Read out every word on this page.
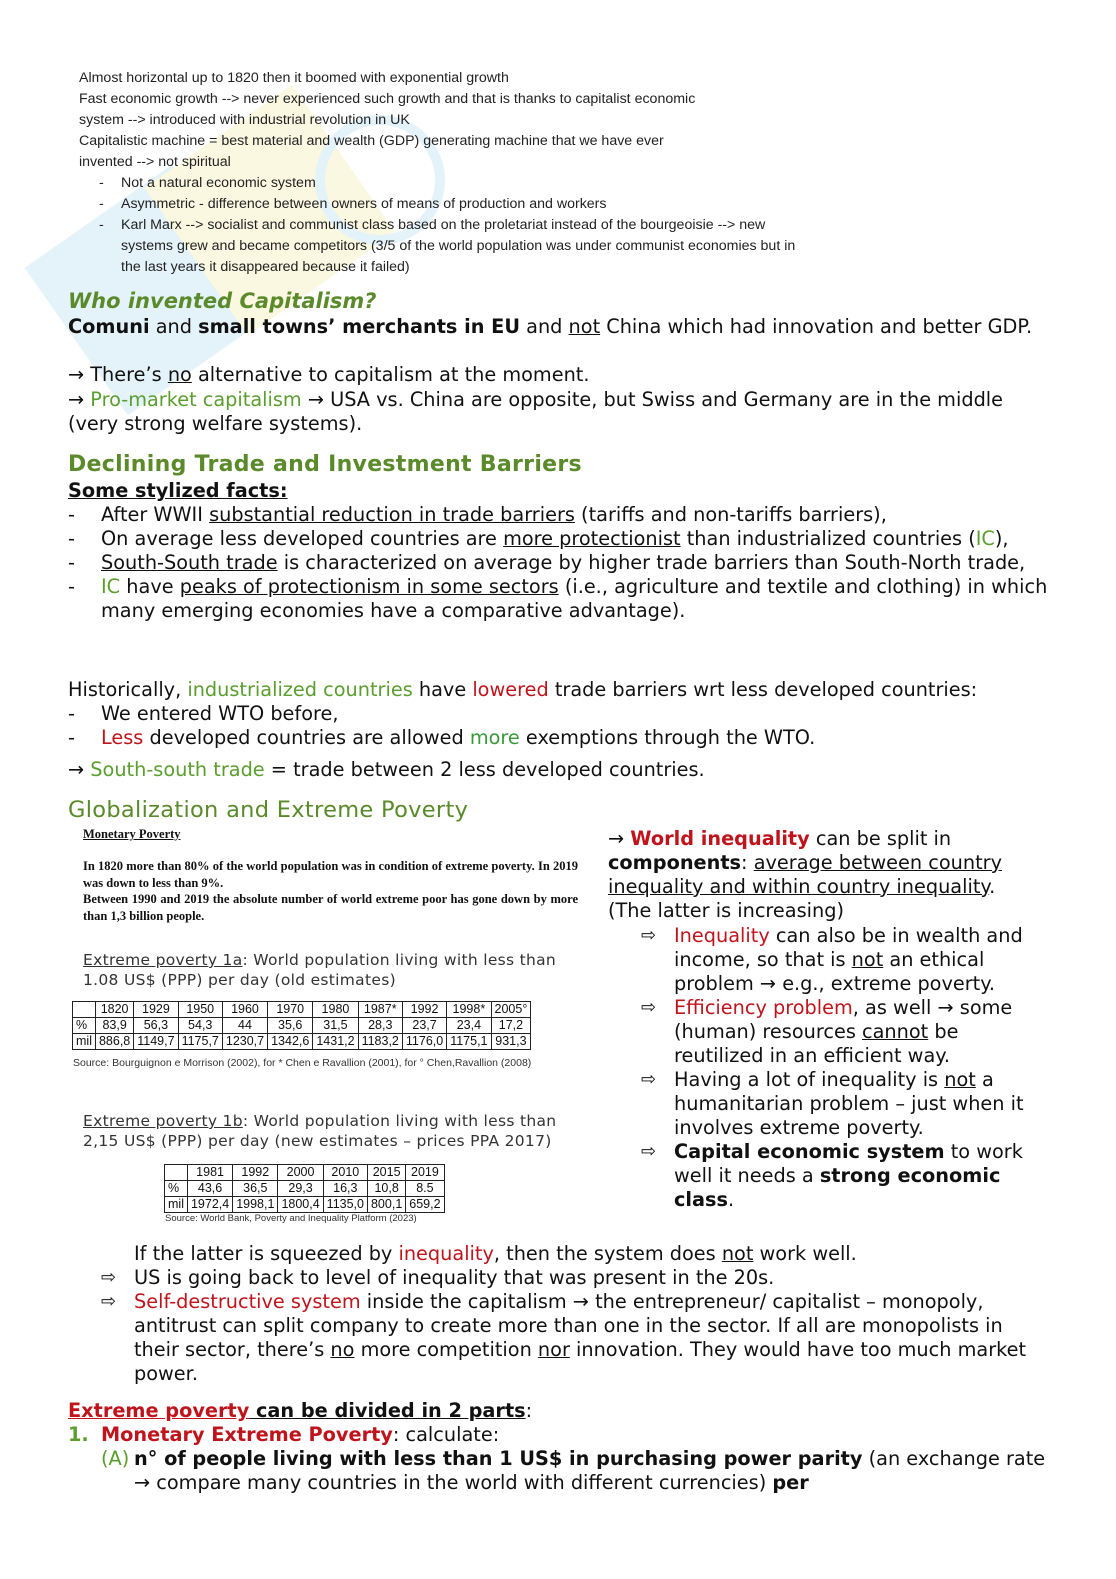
Almost horizontal up to 1820 then it boomed with exponential growth
Fast economic growth --> never experienced such growth and that is thanks to capitalist economic
system --> introduced with industrial revolution in UK
Capitalistic machine = best material and wealth (GDP) generating machine that we have ever
invented --> not spiritual
- Not a natural economic system
- Asymmetric - difference between owners of means of production and workers
- Karl Marx --> socialist and communist class based on the proletariat instead of the bourgeoisie --> new systems grew and became competitors (3/5 of the world population was under communist economies but in the last years it disappeared because it failed)
Who invented Capitalism?
Comuni and small towns’ merchants in EU and not China which had innovation and better GDP.
→ There’s no alternative to capitalism at the moment.
→ Pro-market capitalism → USA vs. China are opposite, but Swiss and Germany are in the middle (very strong welfare systems).
Declining Trade and Investment Barriers
Some stylized facts:
- After WWII substantial reduction in trade barriers (tariffs and non-tariffs barriers),
- On average less developed countries are more protectionist than industrialized countries (IC),
- South-South trade is characterized on average by higher trade barriers than South-North trade,
- IC have peaks of protectionism in some sectors (i.e., agriculture and textile and clothing) in which many emerging economies have a comparative advantage).
Historically, industrialized countries have lowered trade barriers wrt less developed countries:
- We entered WTO before,
- Less developed countries are allowed more exemptions through the WTO.
→ South-south trade = trade between 2 less developed countries.
Globalization and Extreme Poverty
Monetary Poverty
In 1820 more than 80% of the world population was in condition of extreme poverty. In 2019 was down to less than 9%.
Between 1990 and 2019 the absolute number of world extreme poor has gone down by more than 1,3 billion people.
Extreme poverty 1a: World population living with less than 1.08 US$ (PPP) per day (old estimates)
	1820	1929	1950	1960	1970	1980	1987*	1992	1998*	2005°
%	83,9	56,3	54,3	44	35,6	31,5	28,3	23,7	23,4	17,2
mil	886,8	1149,7	1175,7	1230,7	1342,6	1431,2	1183,2	1176,0	1175,1	931,3
Source: Bourguignon e Morrison (2002), for * Chen e Ravallion (2001), for ° Chen,Ravallion (2008)
Extreme poverty 1b: World population living with less than 2,15 US$ (PPP) per day (new estimates – prices PPA 2017)
	1981	1992	2000	2010	2015	2019
%	43,6	36,5	29,3	16,3	10,8	8.5
mil	1972,4	1998,1	1800,4	1135,0	800,1	659,2
Source: World Bank, Poverty and Inequality Platform (2023)
→ World inequality can be split in components: average between country inequality and within country inequality. (The latter is increasing)
⇨ Inequality can also be in wealth and income, so that is not an ethical problem → e.g., extreme poverty.
⇨ Efficiency problem, as well → some (human) resources cannot be reutilized in an efficient way.
⇨ Having a lot of inequality is not a humanitarian problem – just when it involves extreme poverty.
⇨ Capital economic system to work well it needs a strong economic class.
If the latter is squeezed by inequality, then the system does not work well.
⇨ US is going back to level of inequality that was present in the 20s.
⇨ Self-destructive system inside the capitalism → the entrepreneur/ capitalist – monopoly, antitrust can split company to create more than one in the sector. If all are monopolists in their sector, there’s no more competition nor innovation. They would have too much market power.
Extreme poverty can be divided in 2 parts:
1. Monetary Extreme Poverty: calculate:
(A) n° of people living with less than 1 US$ in purchasing power parity (an exchange rate → compare many countries in the world with different currencies) per
